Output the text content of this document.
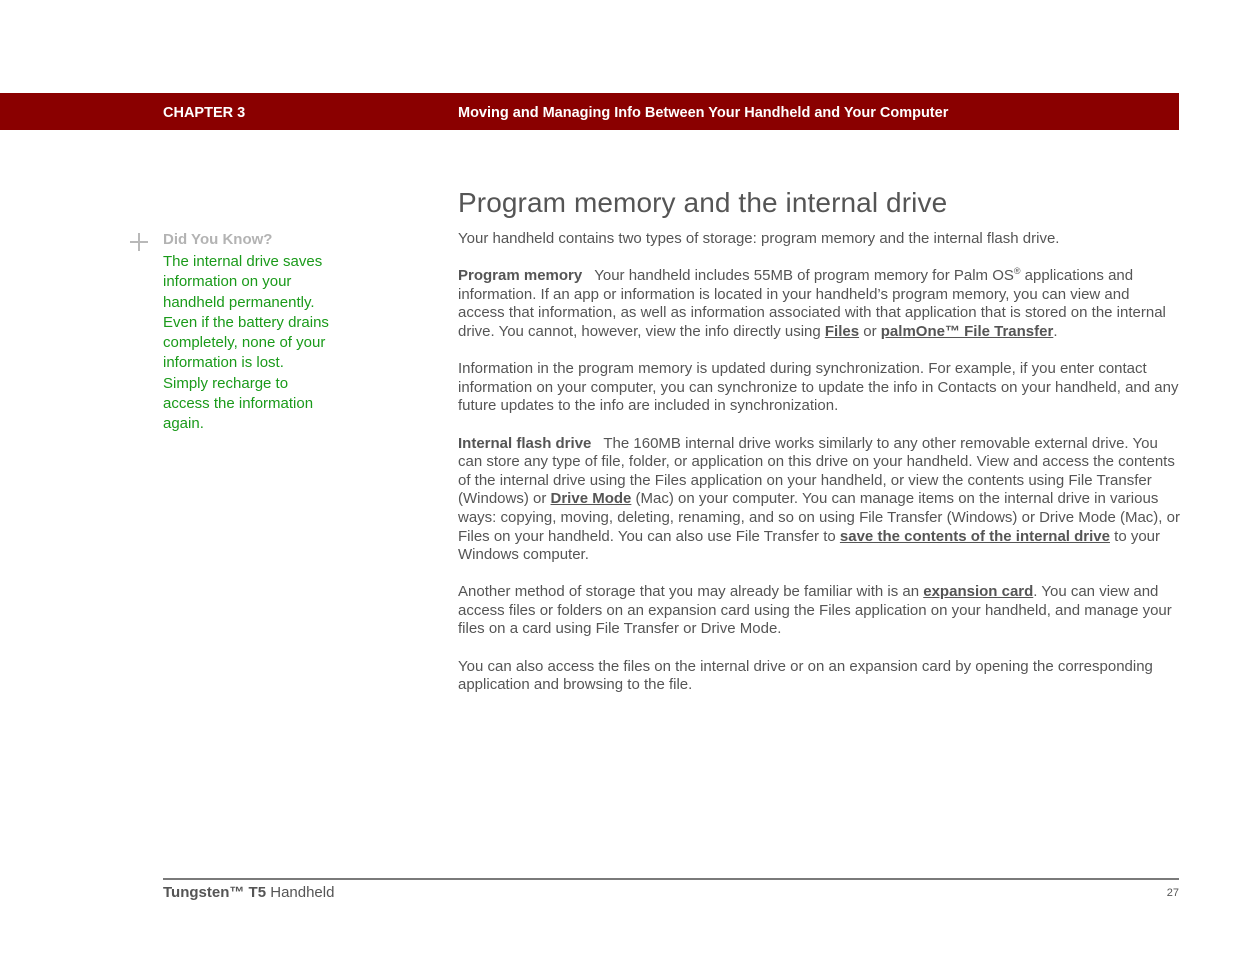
CHAPTER 3	Moving and Managing Info Between Your Handheld and Your Computer
Did You Know?
The internal drive saves
information on your
handheld permanently.
Even if the battery drains
completely, none of your
information is lost.
Simply recharge to
access the information
again.
Program memory and the internal drive

Your handheld contains two types of storage: program memory and the internal flash drive.

Program memory Your handheld includes 55MB of program memory for Palm OS® applications and information. If an app or information is located in your handheld’s program memory, you can view and access that information, as well as information associated with that application that is stored on the internal drive. You cannot, however, view the info directly using Files or palmOne™ File Transfer.

Information in the program memory is updated during synchronization. For example, if you enter contact information on your computer, you can synchronize to update the info in Contacts on your handheld, and any future updates to the info are included in synchronization.

Internal flash drive The 160MB internal drive works similarly to any other removable external drive. You can store any type of file, folder, or application on this drive on your handheld. View and access the contents of the internal drive using the Files application on your handheld, or view the contents using File Transfer (Windows) or Drive Mode (Mac) on your computer. You can manage items on the internal drive in various ways: copying, moving, deleting, renaming, and so on using File Transfer (Windows) or Drive Mode (Mac), or Files on your handheld. You can also use File Transfer to save the contents of the internal drive to your Windows computer.

Another method of storage that you may already be familiar with is an expansion card. You can view and access files or folders on an expansion card using the Files application on your handheld, and manage your files on a card using File Transfer or Drive Mode.

You can also access the files on the internal drive or on an expansion card by opening the corresponding application and browsing to the file.

Tungsten™ T5 Handheld	27
